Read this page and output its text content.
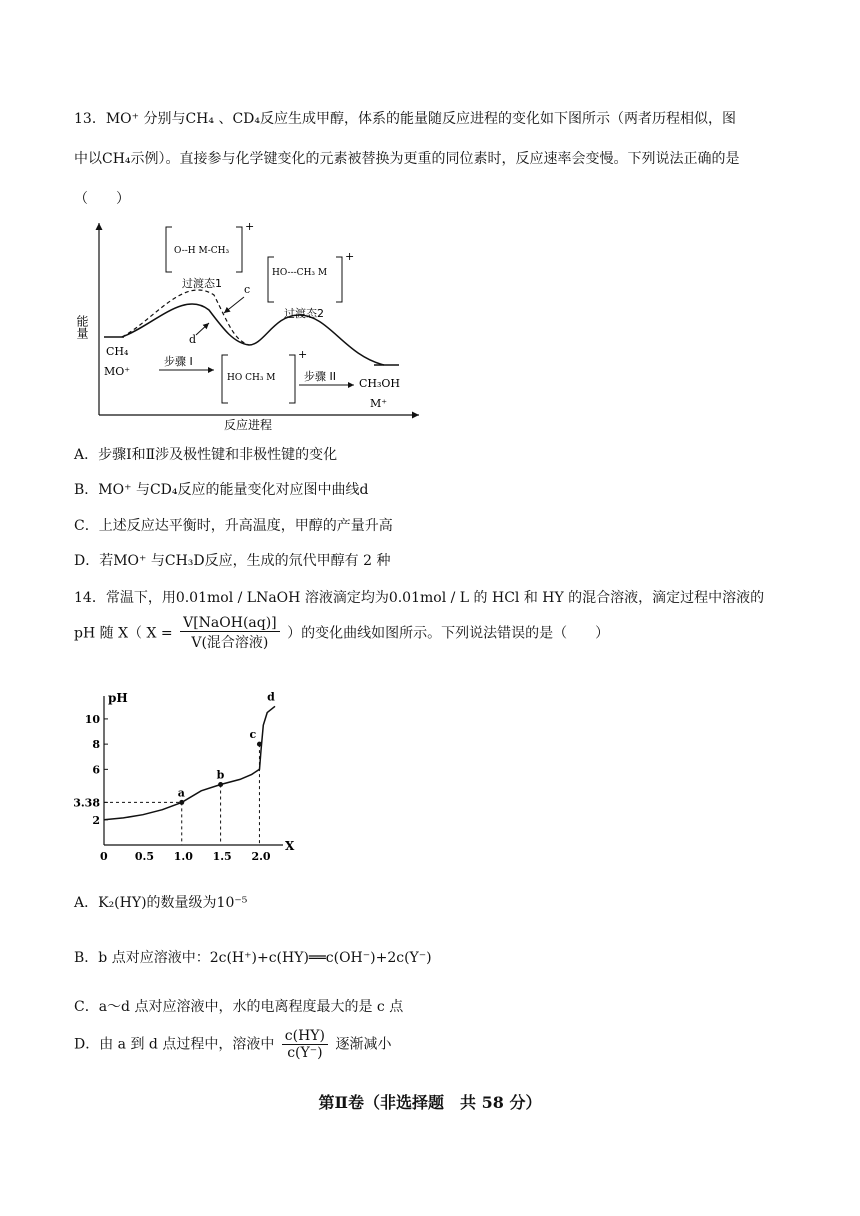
13．MO⁺ 分别与CH₄ 、CD₄反应生成甲醇，体系的能量随反应进程的变化如下图所示（两者历程相似，图
中以CH₄示例）。直接参与化学键变化的元素被替换为更重的同位素时，反应速率会变慢。下列说法正确的是
（　　）
能量
反应进程
CH₄
MO⁺
步骤 I
步骤 II
CH₃OH
M⁺
c
d
O--H M-CH₃
+
过渡态1
HO---CH₃ M
+
过渡态2
HO CH₃ M
+
A．步骤Ⅰ和Ⅱ涉及极性键和非极性键的变化
B．MO⁺ 与CD₄反应的能量变化对应图中曲线d
C．上述反应达平衡时，升高温度，甲醇的产量升高
D．若MO⁺ 与CH₃D反应，生成的氘代甲醇有 2 种
14．常温下，用0.01mol / LNaOH 溶液滴定均为0.01mol / L 的 HCl 和 HY 的混合溶液，滴定过程中溶液的
pH 随 X（ $X = \frac{\text{V[NaOH(aq)]}}{\text{V(混合溶液)}}$ ）的变化曲线如图所示。下列说法错误的是（　　）
X
pH
0 0.5 1.0 1.5 2.0
2
3.38
6
8
10
a
b
c
d
A．K₂(HY)的数量级为10⁻⁵
B．b 点对应溶液中：2c(H⁺)+c(HY)══c(OH⁻)+2c(Y⁻)
C．a～d 点对应溶液中，水的电离程度最大的是 c 点
D．由 a 到 d 点过程中，溶液中 $\frac{c(HY)}{c(Y^-)}$ 逐渐减小
第Ⅱ卷（非选择题　共 58 分）
